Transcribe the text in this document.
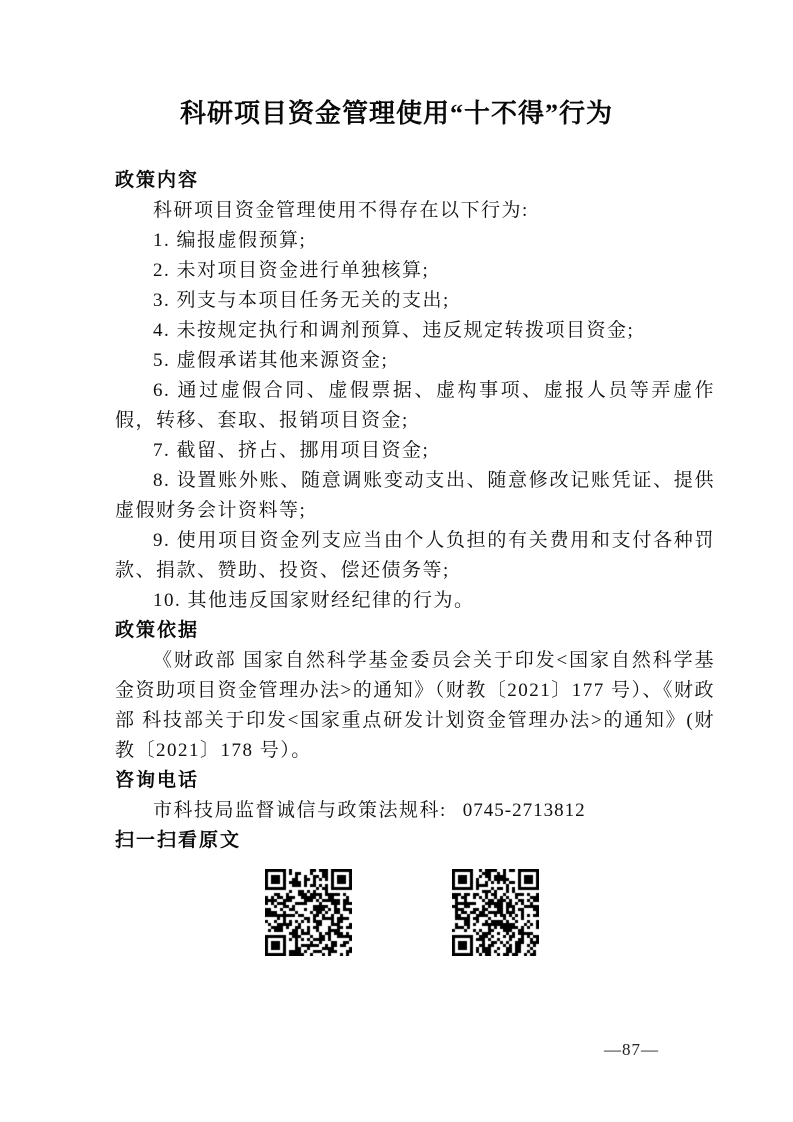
科研项目资金管理使用“十不得”行为

政策内容

科研项目资金管理使用不得存在以下行为:

1. 编报虚假预算;

2. 未对项目资金进行单独核算;

3. 列支与本项目任务无关的支出;

4. 未按规定执行和调剂预算、违反规定转拨项目资金;

5. 虚假承诺其他来源资金;

6. 通过虚假合同、虚假票据、虚构事项、虚报人员等弄虚作假，转移、套取、报销项目资金;

7. 截留、挤占、挪用项目资金;

8. 设置账外账、随意调账变动支出、随意修改记账凭证、提供虚假财务会计资料等;

9. 使用项目资金列支应当由个人负担的有关费用和支付各种罚款、捐款、赞助、投资、偿还债务等;

10. 其他违反国家财经纪律的行为。

政策依据

《财政部 国家自然科学基金委员会关于印发<国家自然科学基金资助项目资金管理办法>的通知》（财教〔2021〕177 号）、《财政部 科技部关于印发<国家重点研发计划资金管理办法>的通知》(财教〔2021〕178 号）。

咨询电话

市科技局监督诚信与政策法规科: 0745-2713812

扫一扫看原文

—87—
